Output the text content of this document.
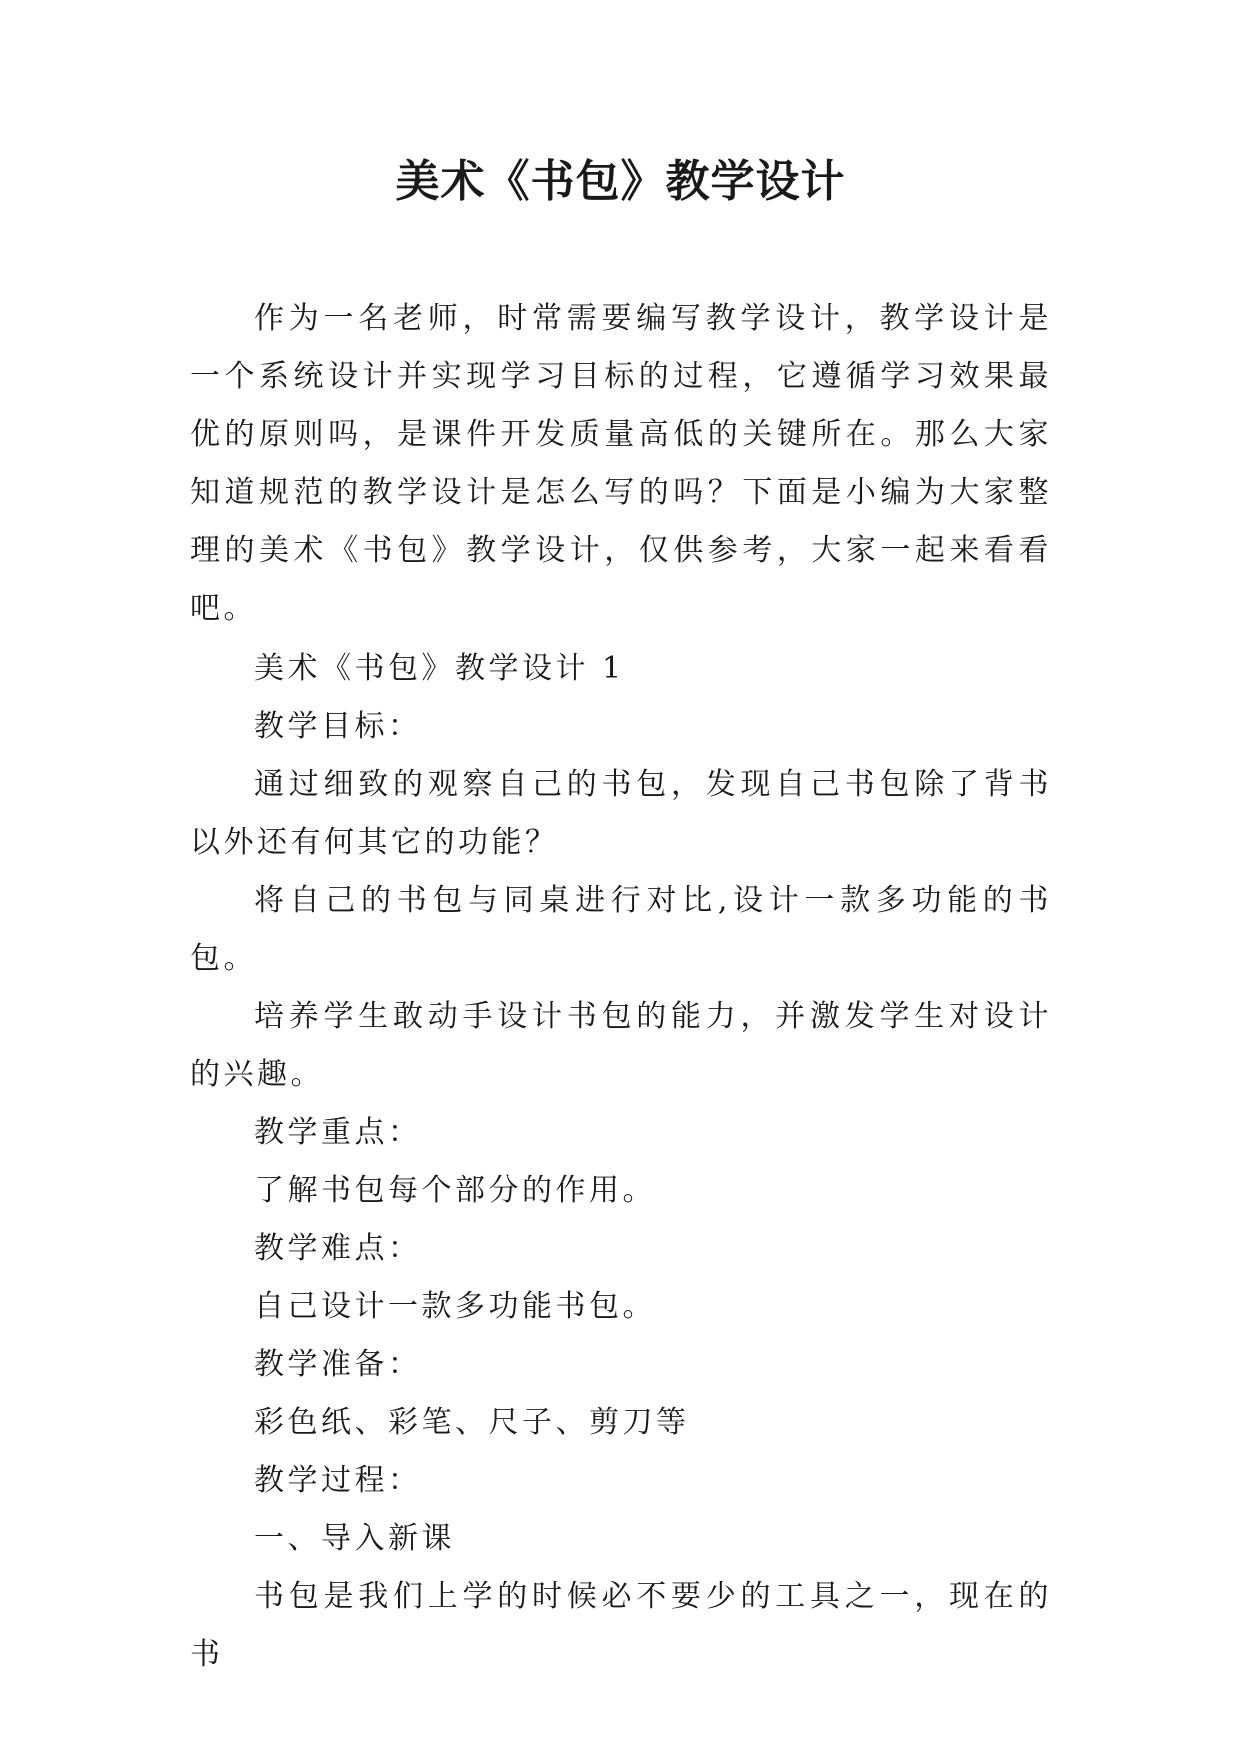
美术《书包》教学设计

作为一名老师，时常需要编写教学设计，教学设计是一个系统设计并实现学习目标的过程，它遵循学习效果最优的原则吗，是课件开发质量高低的关键所在。那么大家知道规范的教学设计是怎么写的吗？下面是小编为大家整理的美术《书包》教学设计，仅供参考，大家一起来看看吧。

美术《书包》教学设计 1

教学目标：

通过细致的观察自己的书包，发现自己书包除了背书以外还有何其它的功能？

将自己的书包与同桌进行对比,设计一款多功能的书包。

培养学生敢动手设计书包的能力，并激发学生对设计的兴趣。

教学重点：

了解书包每个部分的作用。

教学难点：

自己设计一款多功能书包。

教学准备：

彩色纸、彩笔、尺子、剪刀等

教学过程：

一、导入新课

书包是我们上学的时候必不要少的工具之一，现在的书
